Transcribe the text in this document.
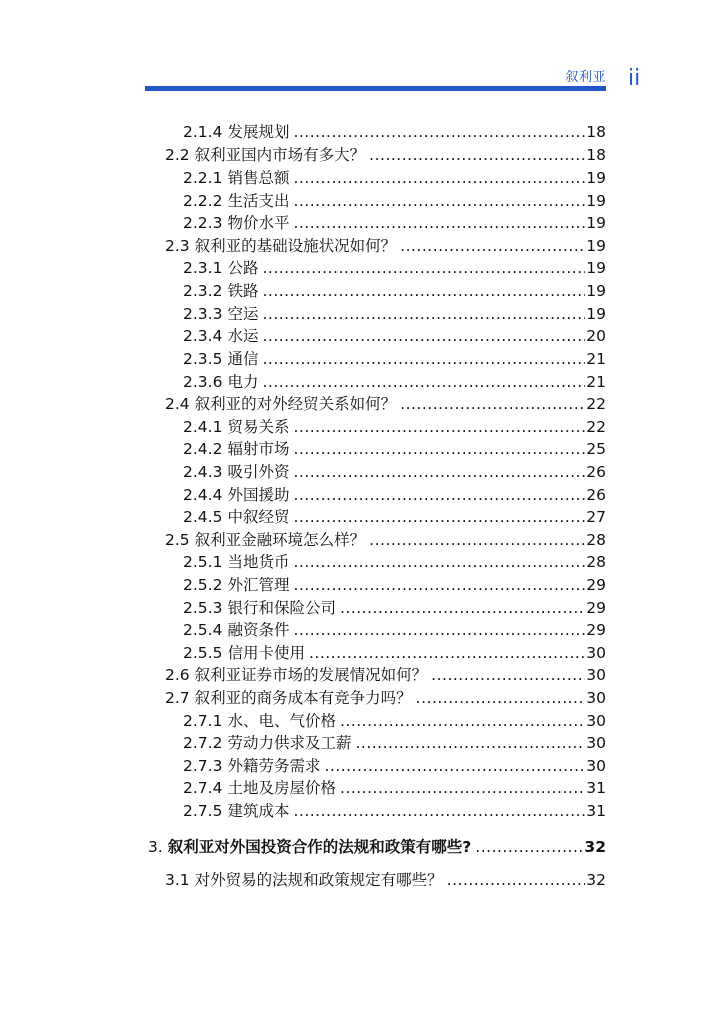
叙利亚 ii
2.1.4 发展规划 .....	18
2.2 叙利亚国内市场有多大？ .....	18
2.2.1 销售总额 .....	19
2.2.2 生活支出 .....	19
2.2.3 物价水平 .....	19
2.3 叙利亚的基础设施状况如何？ .....	19
2.3.1 公路 .....	19
2.3.2 铁路 .....	19
2.3.3 空运 .....	19
2.3.4 水运 .....	20
2.3.5 通信 .....	21
2.3.6 电力 .....	21
2.4 叙利亚的对外经贸关系如何？ .....	22
2.4.1 贸易关系 .....	22
2.4.2 辐射市场 .....	25
2.4.3 吸引外资 .....	26
2.4.4 外国援助 .....	26
2.4.5 中叙经贸 .....	27
2.5 叙利亚金融环境怎么样？ .....	28
2.5.1 当地货币 .....	28
2.5.2 外汇管理 .....	29
2.5.3 银行和保险公司 .....	29
2.5.4 融资条件 .....	29
2.5.5 信用卡使用 .....	30
2.6 叙利亚证券市场的发展情况如何？ .....	30
2.7 叙利亚的商务成本有竞争力吗？ .....	30
2.7.1 水、电、气价格 .....	30
2.7.2 劳动力供求及工薪 .....	30
2.7.3 外籍劳务需求 .....	30
2.7.4 土地及房屋价格 .....	31
2.7.5 建筑成本 .....	31
3. 叙利亚对外国投资合作的法规和政策有哪些? .....	32
3.1 对外贸易的法规和政策规定有哪些？ .....	32
